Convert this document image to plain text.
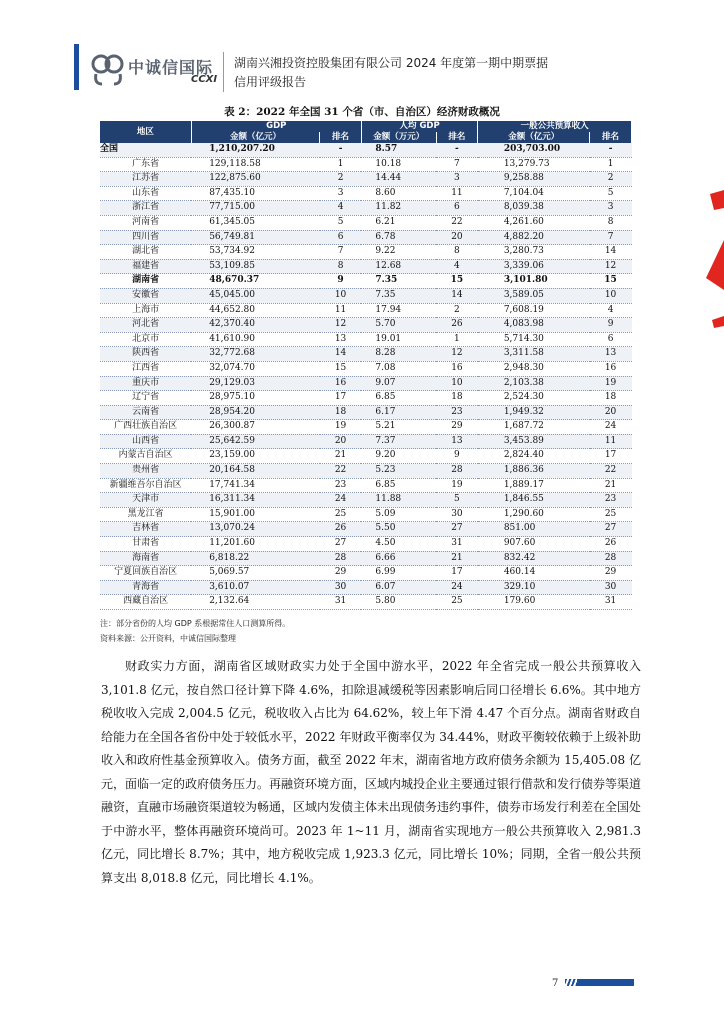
中诚信国际
CCXI
湖南兴湘投资控股集团有限公司 2024 年度第一期中期票据
信用评级报告
表 2：2022 年全国 31 个省（市、自治区）经济财政概况
地区	GDP		人均 GDP		一般公共预算收入	
	金额（亿元）	排名	金额（万元）	排名	金额（亿元）	排名
全国	1,210,207.20	-	8.57	-	203,703.00	-
广东省	129,118.58	1	10.18	7	13,279.73	1
江苏省	122,875.60	2	14.44	3	9,258.88	2
山东省	87,435.10	3	8.60	11	7,104.04	5
浙江省	77,715.00	4	11.82	6	8,039.38	3
河南省	61,345.05	5	6.21	22	4,261.60	8
四川省	56,749.81	6	6.78	20	4,882.20	7
湖北省	53,734.92	7	9.22	8	3,280.73	14
福建省	53,109.85	8	12.68	4	3,339.06	12
湖南省	48,670.37	9	7.35	15	3,101.80	15
安徽省	45,045.00	10	7.35	14	3,589.05	10
上海市	44,652.80	11	17.94	2	7,608.19	4
河北省	42,370.40	12	5.70	26	4,083.98	9
北京市	41,610.90	13	19.01	1	5,714.30	6
陕西省	32,772.68	14	8.28	12	3,311.58	13
江西省	32,074.70	15	7.08	16	2,948.30	16
重庆市	29,129.03	16	9.07	10	2,103.38	19
辽宁省	28,975.10	17	6.85	18	2,524.30	18
云南省	28,954.20	18	6.17	23	1,949.32	20
广西壮族自治区	26,300.87	19	5.21	29	1,687.72	24
山西省	25,642.59	20	7.37	13	3,453.89	11
内蒙古自治区	23,159.00	21	9.20	9	2,824.40	17
贵州省	20,164.58	22	5.23	28	1,886.36	22
新疆维吾尔自治区	17,741.34	23	6.85	19	1,889.17	21
天津市	16,311.34	24	11.88	5	1,846.55	23
黑龙江省	15,901.00	25	5.09	30	1,290.60	25
吉林省	13,070.24	26	5.50	27	851.00	27
甘肃省	11,201.60	27	4.50	31	907.60	26
海南省	6,818.22	28	6.66	21	832.42	28
宁夏回族自治区	5,069.57	29	6.99	17	460.14	29
青海省	3,610.07	30	6.07	24	329.10	30
西藏自治区	2,132.64	31	5.80	25	179.60	31
注：部分省份的人均 GDP 系根据常住人口测算所得。
资料来源：公开资料，中诚信国际整理
财政实力方面，湖南省区域财政实力处于全国中游水平，2022 年全省完成一般公共预算收入 3,101.8 亿元，按自然口径计算下降 4.6%，扣除退减缓税等因素影响后同口径增长 6.6%。其中地方税收收入完成 2,004.5 亿元，税收收入占比为 64.62%，较上年下滑 4.47 个百分点。湖南省财政自给能力在全国各省份中处于较低水平，2022 年财政平衡率仅为 34.44%，财政平衡较依赖于上级补助收入和政府性基金预算收入。债务方面，截至 2022 年末，湖南省地方政府债务余额为 15,405.08 亿元，面临一定的政府债务压力。再融资环境方面，区域内城投企业主要通过银行借款和发行债券等渠道融资，直融市场融资渠道较为畅通，区域内发债主体未出现债务违约事件，债券市场发行利差在全国处于中游水平，整体再融资环境尚可。2023 年 1~11 月，湖南省实现地方一般公共预算收入 2,981.3 亿元，同比增长 8.7%；其中，地方税收完成 1,923.3 亿元，同比增长 10%；同期，全省一般公共预算支出 8,018.8 亿元，同比增长 4.1%。
7
